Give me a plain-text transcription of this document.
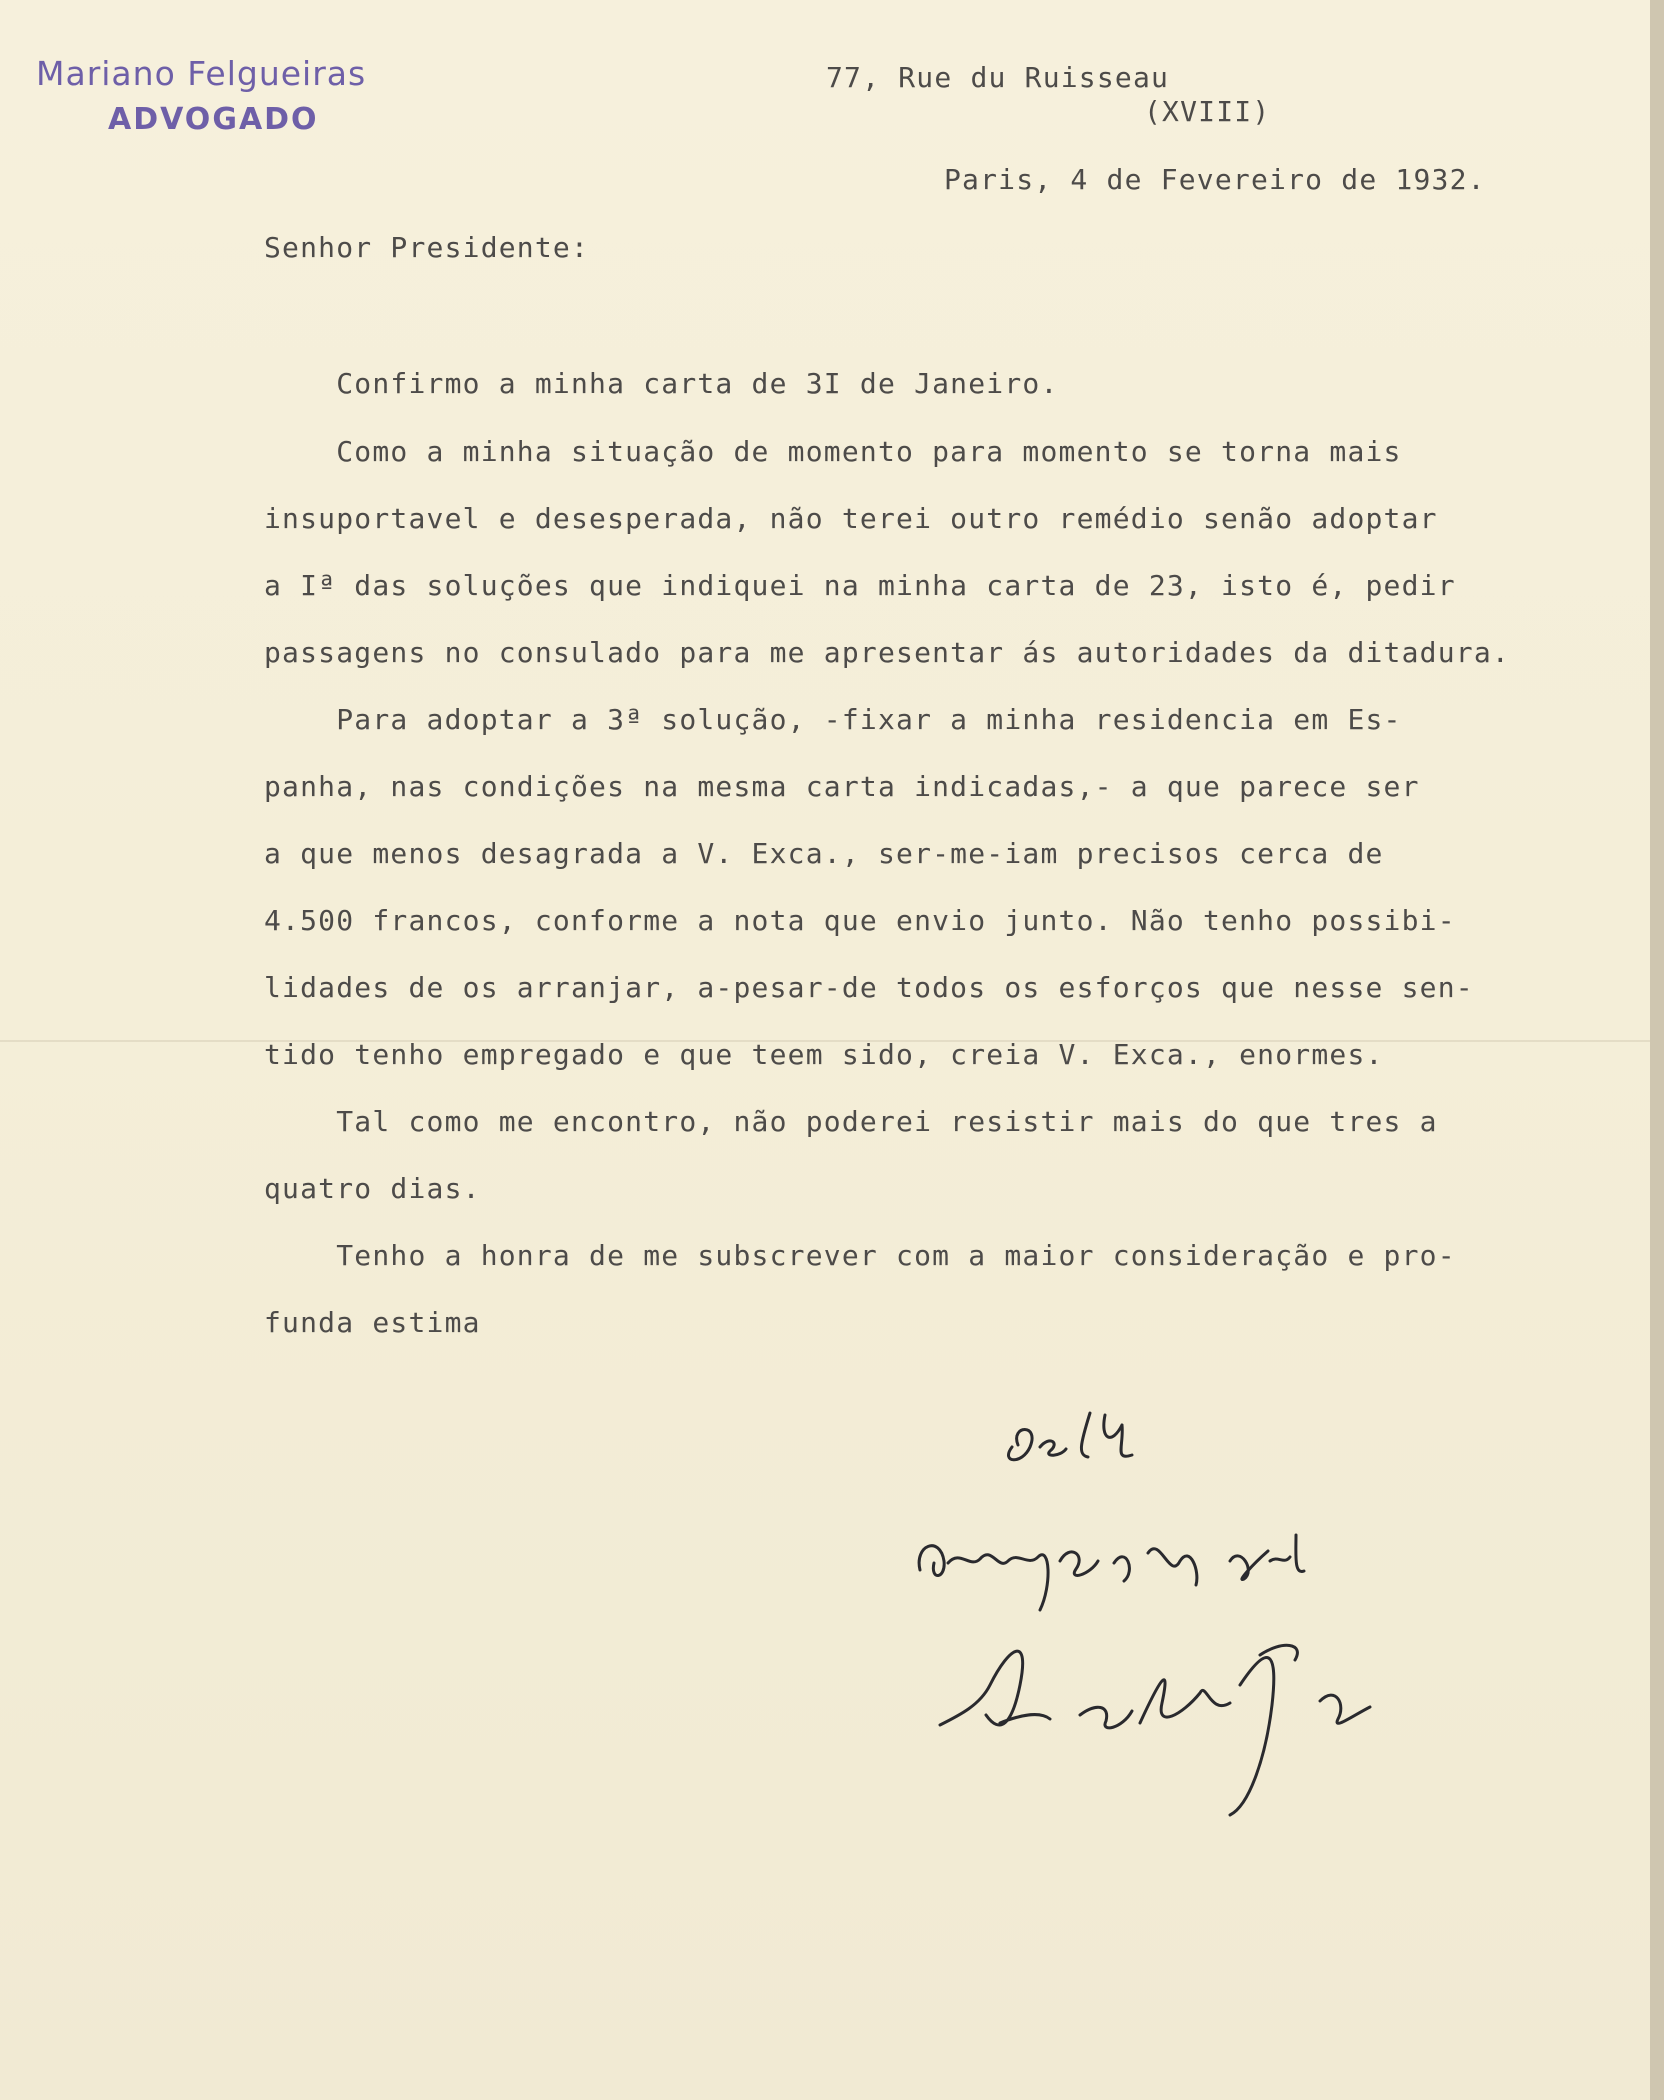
Mariano Felgueiras
ADVOGADO
77, Rue du Ruisseau
(XVIII)
Paris, 4 de Fevereiro de 1932.
Senhor Presidente:
Confirmo a minha carta de 3I de Janeiro.
Como a minha situação de momento para momento se torna mais
insuportavel e desesperada, não terei outro remédio senão adoptar
a Iª das soluções que indiquei na minha carta de 23, isto é, pedir
passagens no consulado para me apresentar ás autoridades da ditadura.
Para adoptar a 3ª solução, -fixar a minha residencia em Es-
panha, nas condições na mesma carta indicadas,- a que parece ser
a que menos desagrada a V. Exca., ser-me-iam precisos cerca de
4.500 francos, conforme a nota que envio junto. Não tenho possibi-
lidades de os arranjar, a-pesar-de todos os esforços que nesse sen-
tido tenho empregado e que teem sido, creia V. Exca., enormes.
Tal como me encontro, não poderei resistir mais do que tres a
quatro dias.
Tenho a honra de me subscrever com a maior consideração e pro-
funda estima
